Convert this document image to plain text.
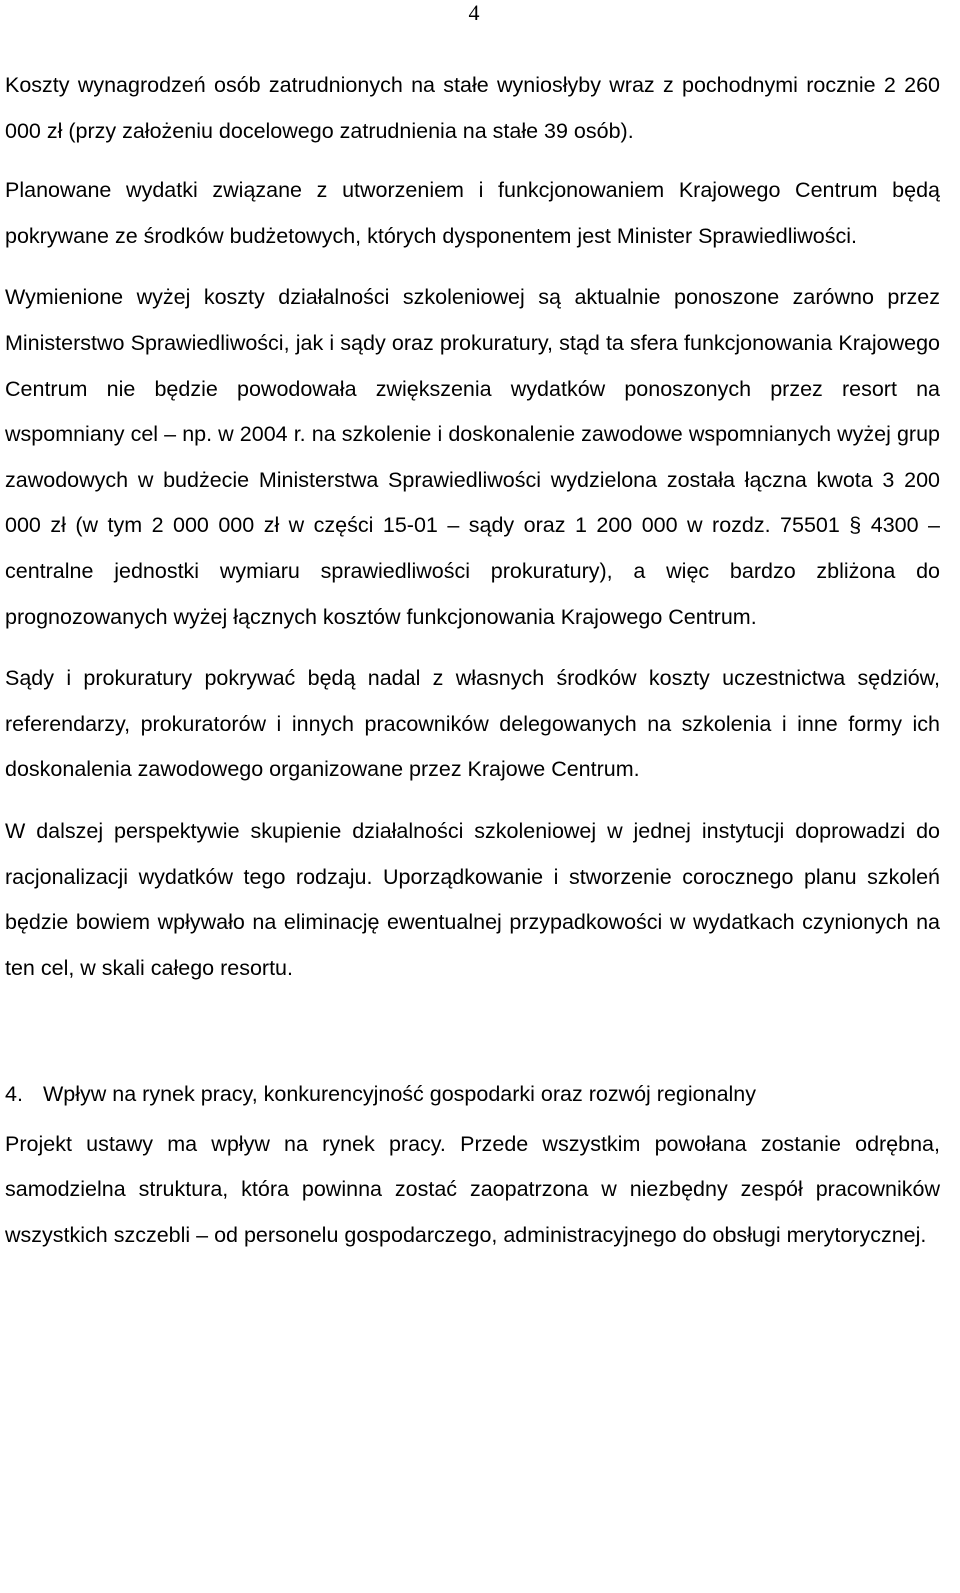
4

Koszty wynagrodzeń osób zatrudnionych na stałe wyniosłyby wraz z pochodnymi rocznie 2 260 000 zł (przy założeniu docelowego zatrudnienia na stałe 39 osób).

Planowane wydatki związane z utworzeniem i funkcjonowaniem Krajowego Centrum będą pokrywane ze środków budżetowych, których dysponentem jest Minister Sprawiedliwości.

Wymienione wyżej koszty działalności szkoleniowej są aktualnie ponoszone zarówno przez Ministerstwo Sprawiedliwości, jak i sądy oraz prokuratury, stąd ta sfera funkcjonowania Krajowego Centrum nie będzie powodowała zwiększenia wydatków ponoszonych przez resort na wspomniany cel – np. w 2004 r. na szkolenie i doskonalenie zawodowe wspomnianych wyżej grup zawodowych w budżecie Ministerstwa Sprawiedliwości wydzielona została łączna kwota 3 200 000 zł (w tym 2 000 000 zł w części 15-01 – sądy oraz 1 200 000 w rozdz. 75501 § 4300 – centralne jednostki wymiaru sprawiedliwości prokuratury), a więc bardzo zbliżona do prognozowanych wyżej łącznych kosztów funkcjonowania Krajowego Centrum.

Sądy i prokuratury pokrywać będą nadal z własnych środków koszty uczestnictwa sędziów, referendarzy, prokuratorów i innych pracowników delegowanych na szkolenia i inne formy ich doskonalenia zawodowego organizowane przez Krajowe Centrum.

W dalszej perspektywie skupienie działalności szkoleniowej w jednej instytucji doprowadzi do racjonalizacji wydatków tego rodzaju. Uporządkowanie i stworzenie corocznego planu szkoleń będzie bowiem wpływało na eliminację ewentualnej przypadkowości w wydatkach czynionych na ten cel, w skali całego resortu.

4. Wpływ na rynek pracy, konkurencyjność gospodarki oraz rozwój regionalny

Projekt ustawy ma wpływ na rynek pracy. Przede wszystkim powołana zostanie odrębna, samodzielna struktura, która powinna zostać zaopatrzona w niezbędny zespół pracowników wszystkich szczebli – od personelu gospodarczego, administracyjnego do obsługi merytorycznej.
